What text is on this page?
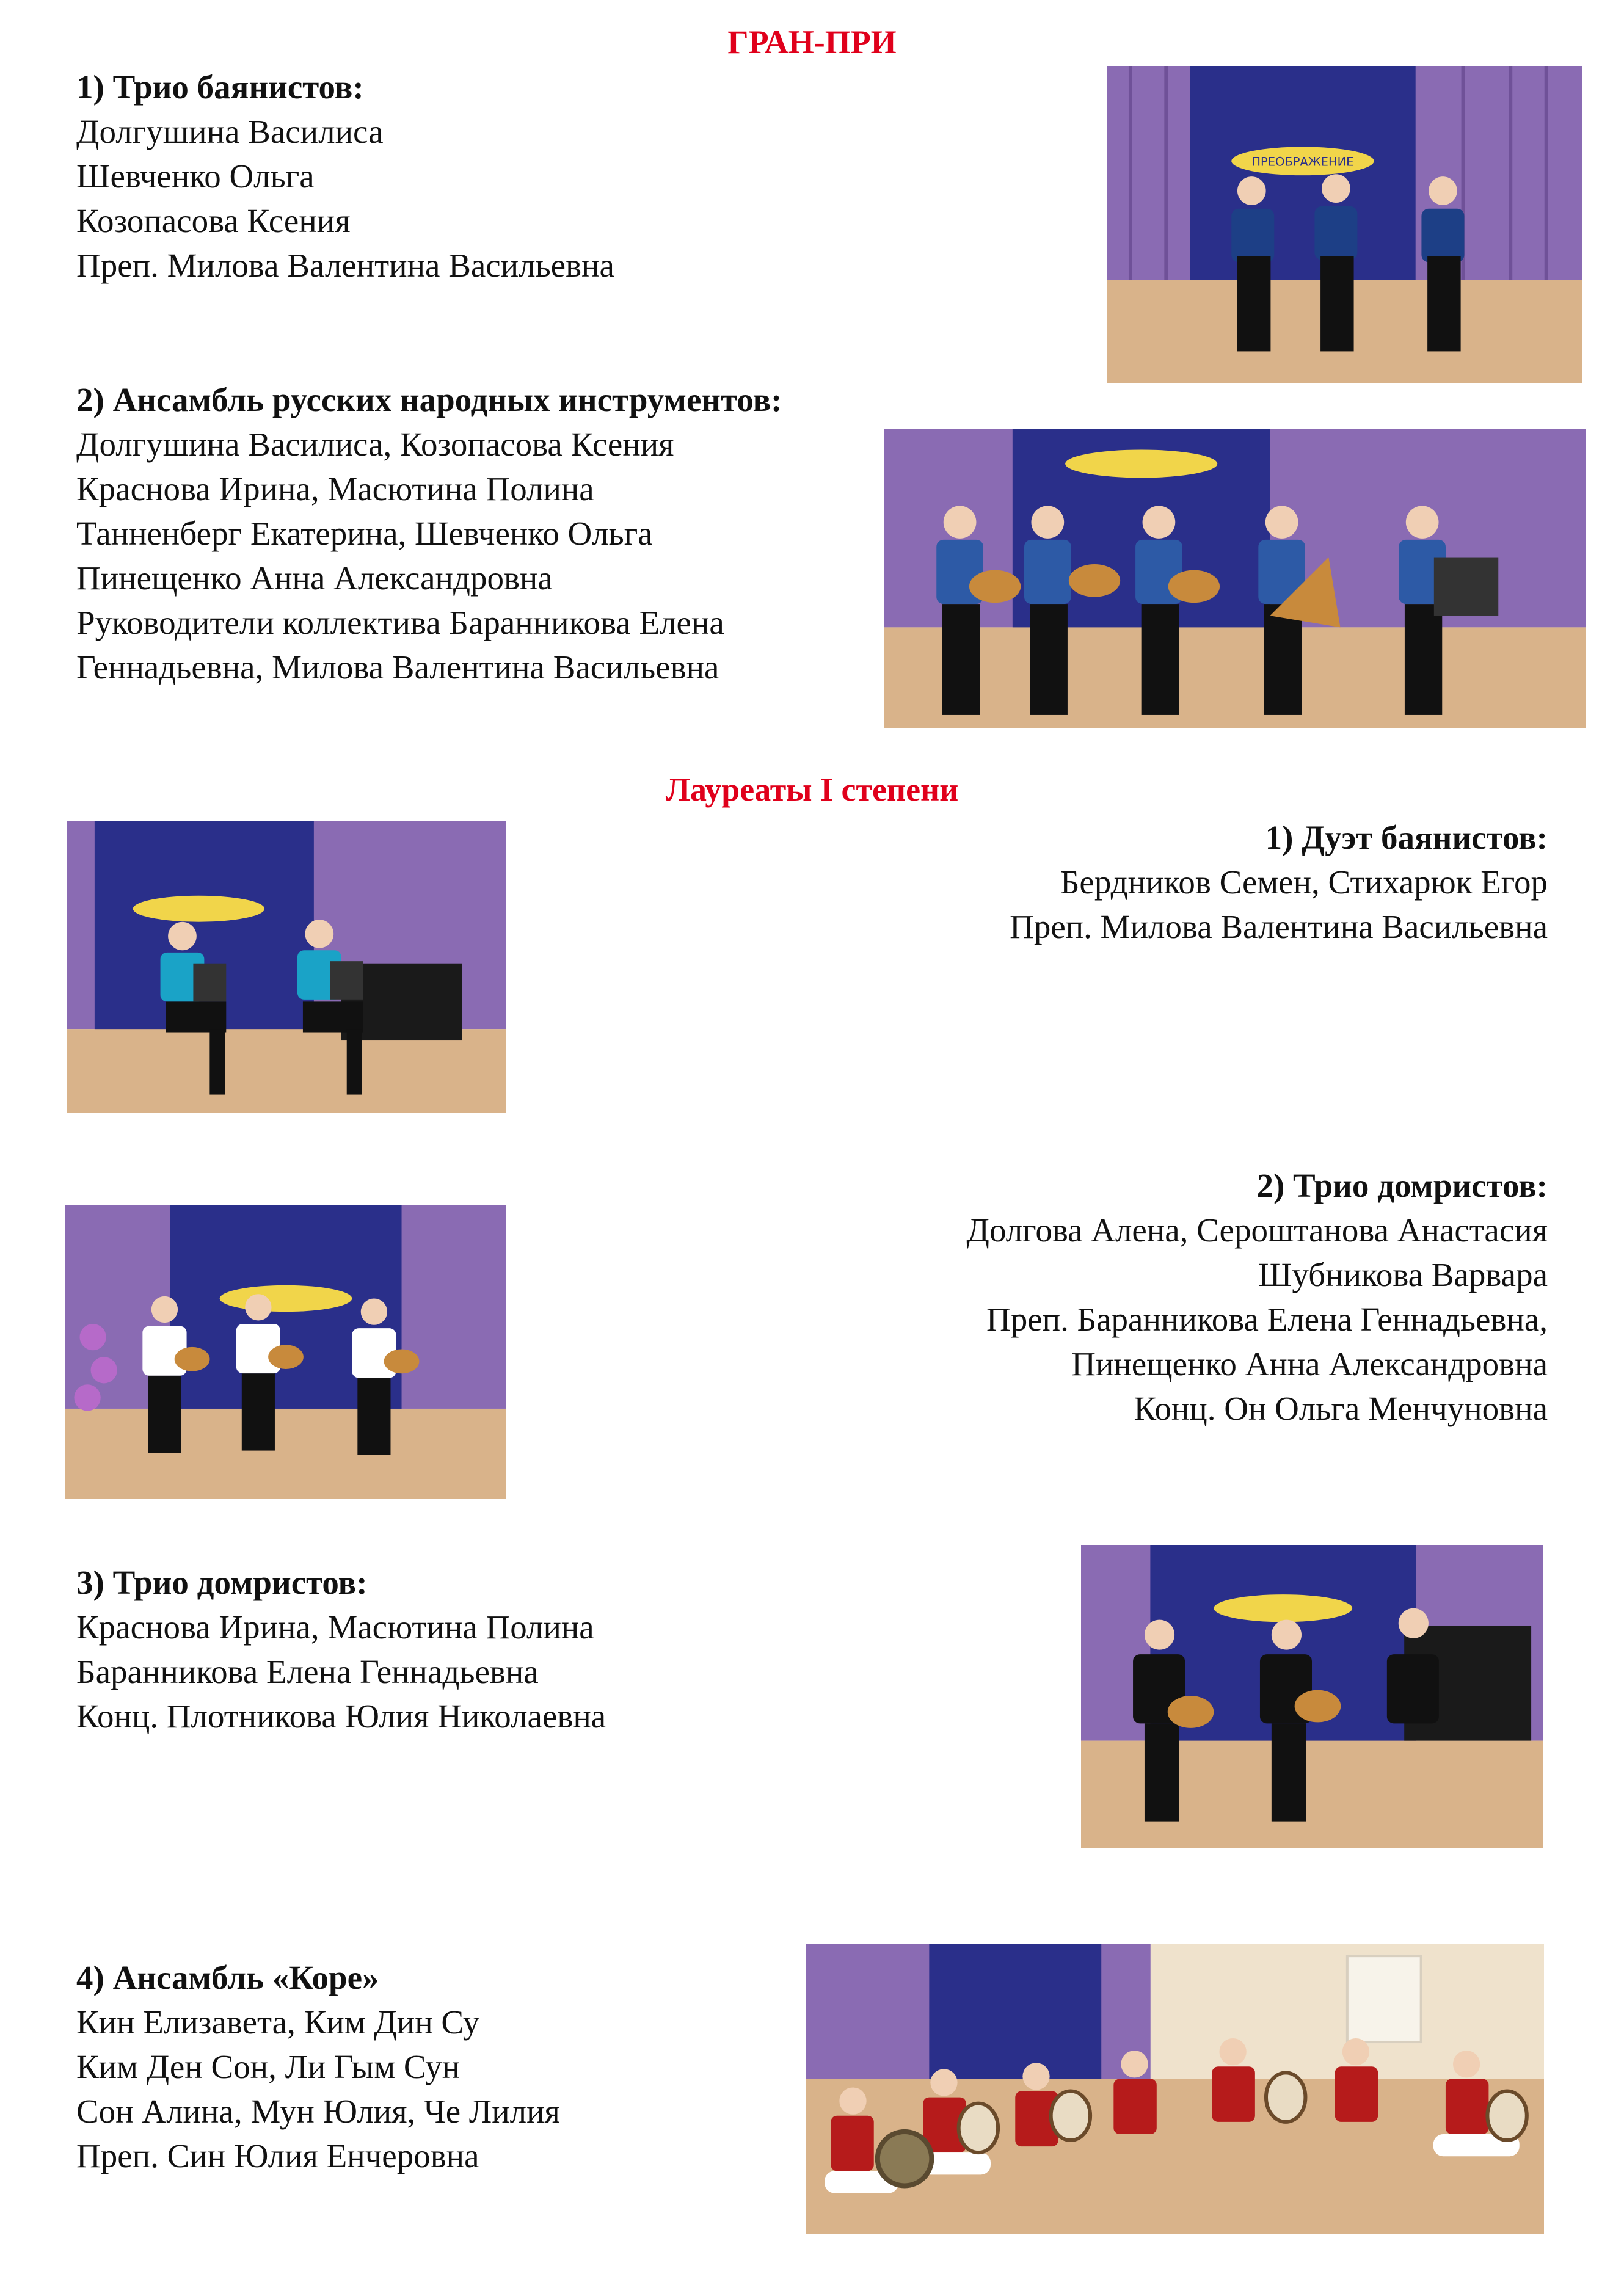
ГРАН-ПРИ
Лауреаты I степени
1) Трио баянистов:
Долгушина Василиса
Шевченко Ольга
Козопасова Ксения
Преп. Милова Валентина Васильевна
2) Ансамбль русских народных инструментов:
Долгушина Василиса, Козопасова Ксения
Краснова Ирина, Масютина Полина
Танненберг Екатерина, Шевченко Ольга
Пинещенко Анна Александровна
Руководители коллектива Баранникова Елена
Геннадьевна, Милова Валентина Васильевна
1) Дуэт баянистов:
Бердников Семен, Стихарюк Егор
Преп. Милова Валентина Васильевна
2) Трио домристов:
Долгова Алена, Сероштанова Анастасия
Шубникова Варвара
Преп. Баранникова Елена Геннадьевна,
Пинещенко Анна Александровна
Конц. Он Ольга Менчуновна
3) Трио домристов:
Краснова Ирина, Масютина Полина
Баранникова Елена Геннадьевна
Конц. Плотникова Юлия Николаевна
4) Ансамбль «Коре»
Кин Елизавета, Ким Дин Су
Ким Ден Сон, Ли Гым Сун
Сон Алина, Мун Юлия, Че Лилия
Преп. Син Юлия Енчеровна
ПРЕОБРАЖЕНИЕ
